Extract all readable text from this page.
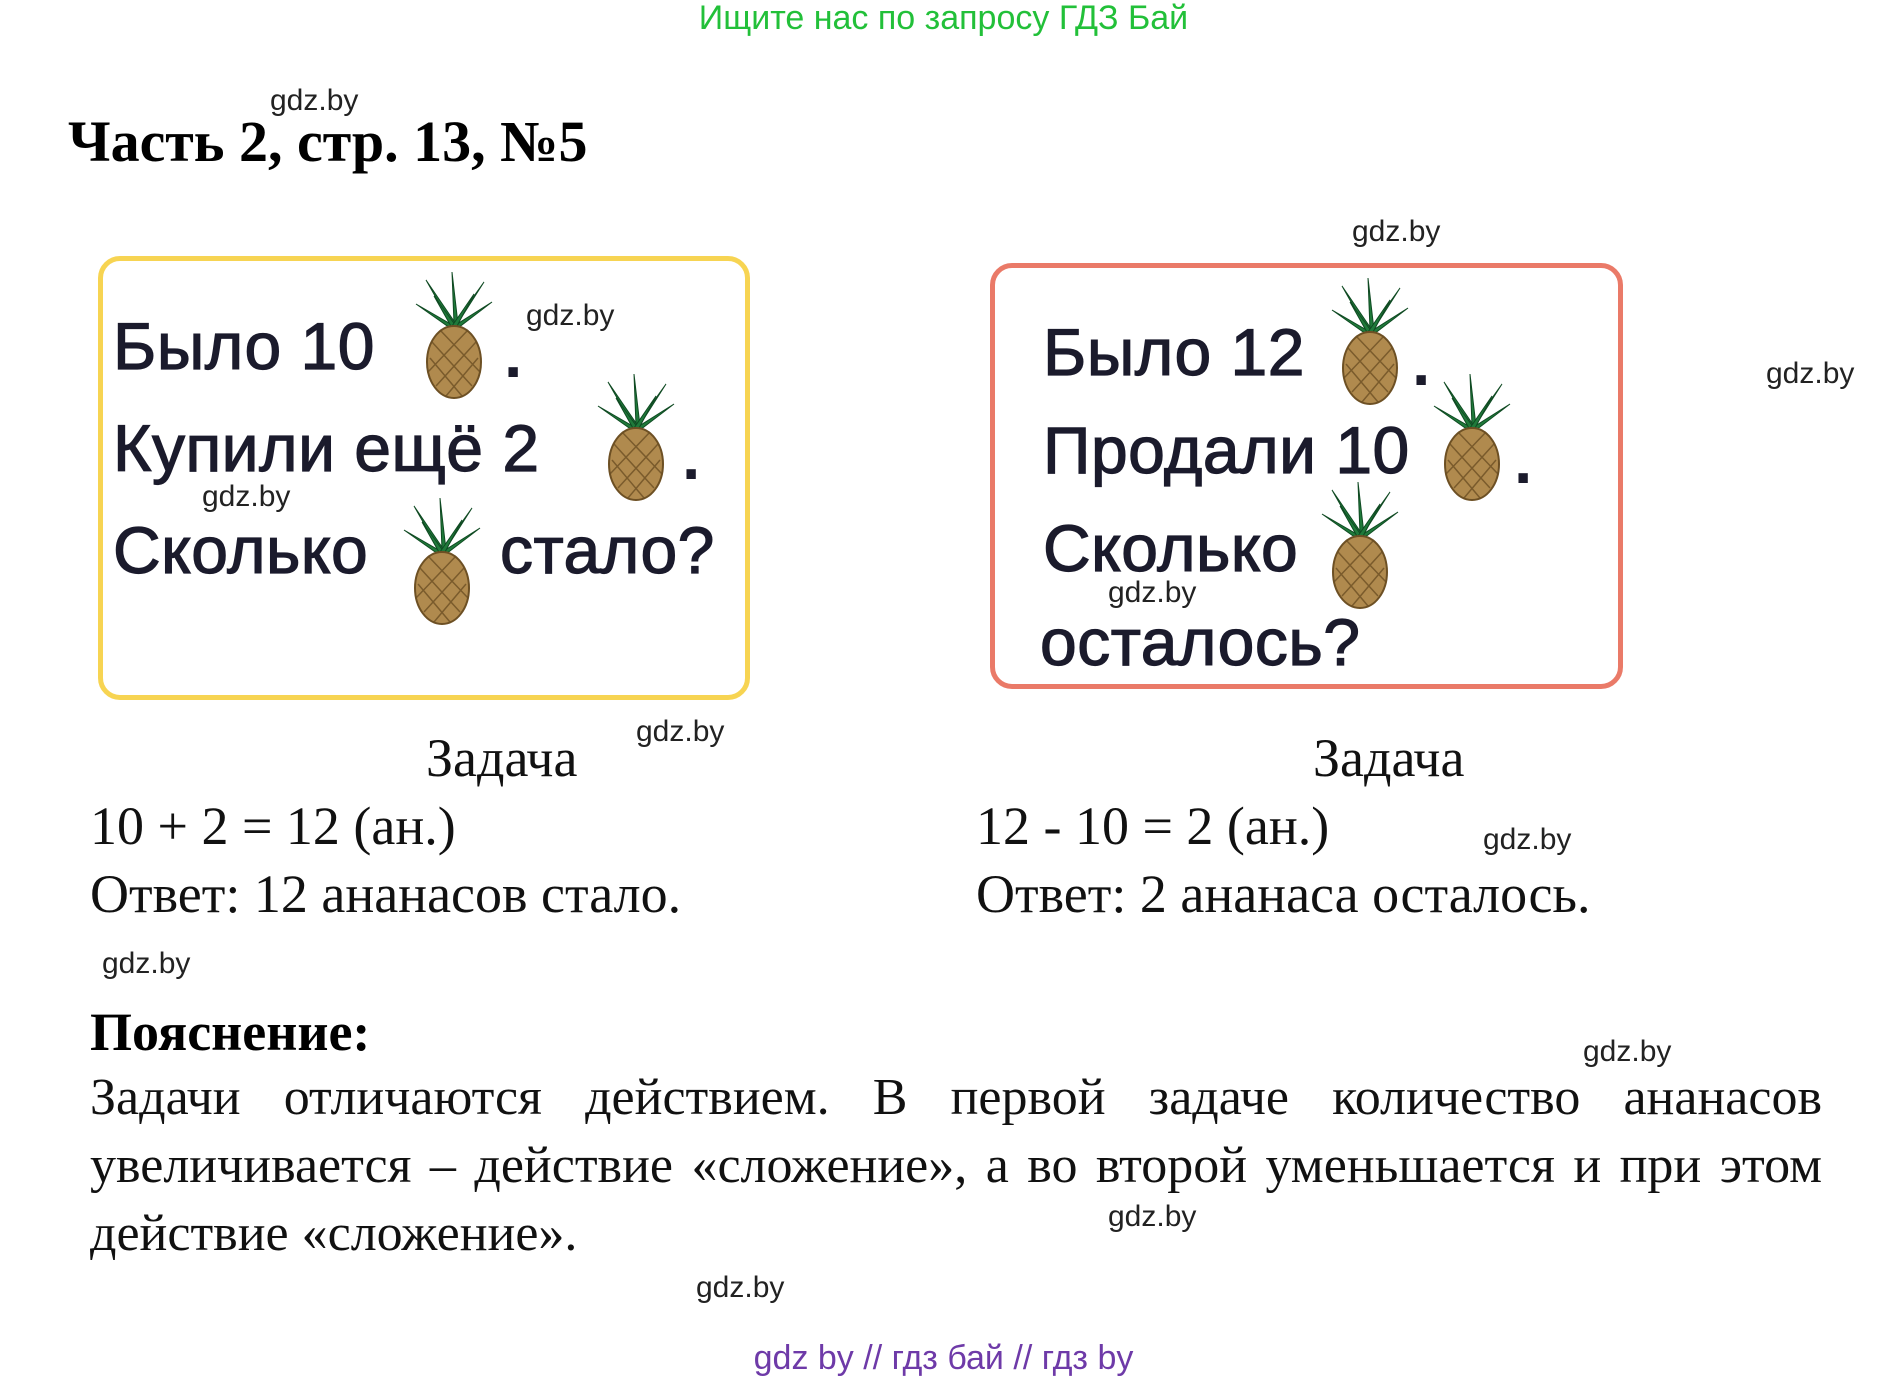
Ищите нас по запросу ГДЗ Бай
Часть 2, стр. 13, №5
gdz.by
gdz.by
gdz.by
gdz.by
gdz.by
gdz.by
gdz.by
gdz.by
gdz.by
Было 10 .
gdz.by
Купили ещё 2 .
gdz.by
Сколько стало?
Было 12 .
Продали 10 .
Сколько
gdz.by
осталось?
Задача
10 + 2 = 12 (ан.)
Ответ: 12 ананасов стало.
Задача
12 - 10 = 2 (ан.)
Ответ: 2 ананаса осталось.
Пояснение:
Задачи отличаются действием. В первой задаче количество ананасов увеличивается – действие «сложение», а во второй уменьшается и при этом действие «сложение».
gdz by // гдз бай // гдз by
